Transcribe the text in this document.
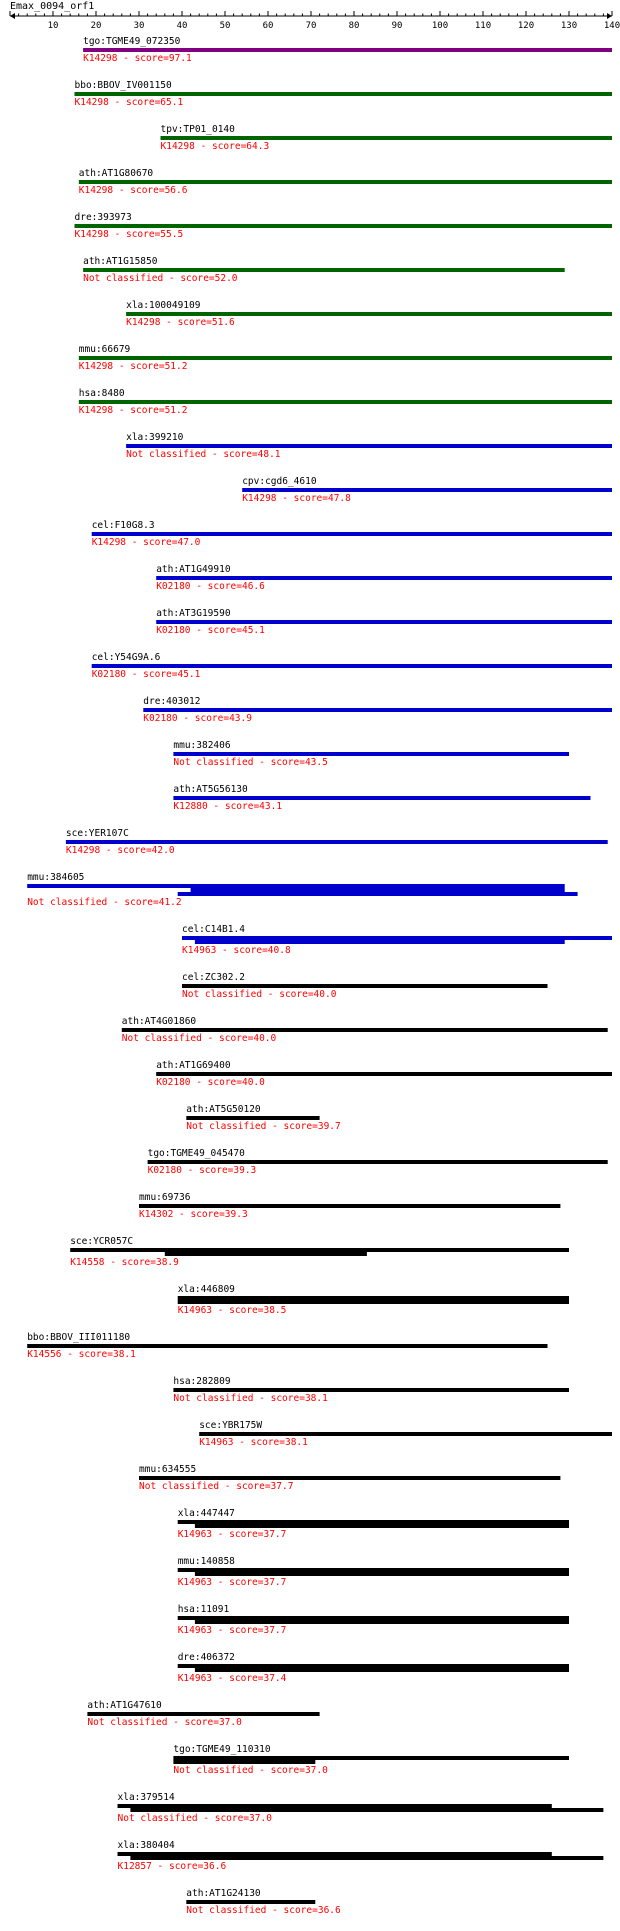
Emax_0094_orf1
10	20	30	40	50	60	70	80	90	100	110	120	130	140
tgo:TGME49_072350
K14298 - score=97.1
bbo:BBOV_IV001150
K14298 - score=65.1
tpv:TP01_0140
K14298 - score=64.3
ath:AT1G80670
K14298 - score=56.6
dre:393973
K14298 - score=55.5
ath:AT1G15850
Not classified - score=52.0
xla:100049109
K14298 - score=51.6
mmu:66679
K14298 - score=51.2
hsa:8480
K14298 - score=51.2
xla:399210
Not classified - score=48.1
cpv:cgd6_4610
K14298 - score=47.8
cel:F10G8.3
K14298 - score=47.0
ath:AT1G49910
K02180 - score=46.6
ath:AT3G19590
K02180 - score=45.1
cel:Y54G9A.6
K02180 - score=45.1
dre:403012
K02180 - score=43.9
mmu:382406
Not classified - score=43.5
ath:AT5G56130
K12880 - score=43.1
sce:YER107C
K14298 - score=42.0
mmu:384605
Not classified - score=41.2
cel:C14B1.4
K14963 - score=40.8
cel:ZC302.2
Not classified - score=40.0
ath:AT4G01860
Not classified - score=40.0
ath:AT1G69400
K02180 - score=40.0
ath:AT5G50120
Not classified - score=39.7
tgo:TGME49_045470
K02180 - score=39.3
mmu:69736
K14302 - score=39.3
sce:YCR057C
K14558 - score=38.9
xla:446809
K14963 - score=38.5
bbo:BBOV_III011180
K14556 - score=38.1
hsa:282809
Not classified - score=38.1
sce:YBR175W
K14963 - score=38.1
mmu:634555
Not classified - score=37.7
xla:447447
K14963 - score=37.7
mmu:140858
K14963 - score=37.7
hsa:11091
K14963 - score=37.7
dre:406372
K14963 - score=37.4
ath:AT1G47610
Not classified - score=37.0
tgo:TGME49_110310
Not classified - score=37.0
xla:379514
Not classified - score=37.0
xla:380404
K12857 - score=36.6
ath:AT1G24130
Not classified - score=36.6
